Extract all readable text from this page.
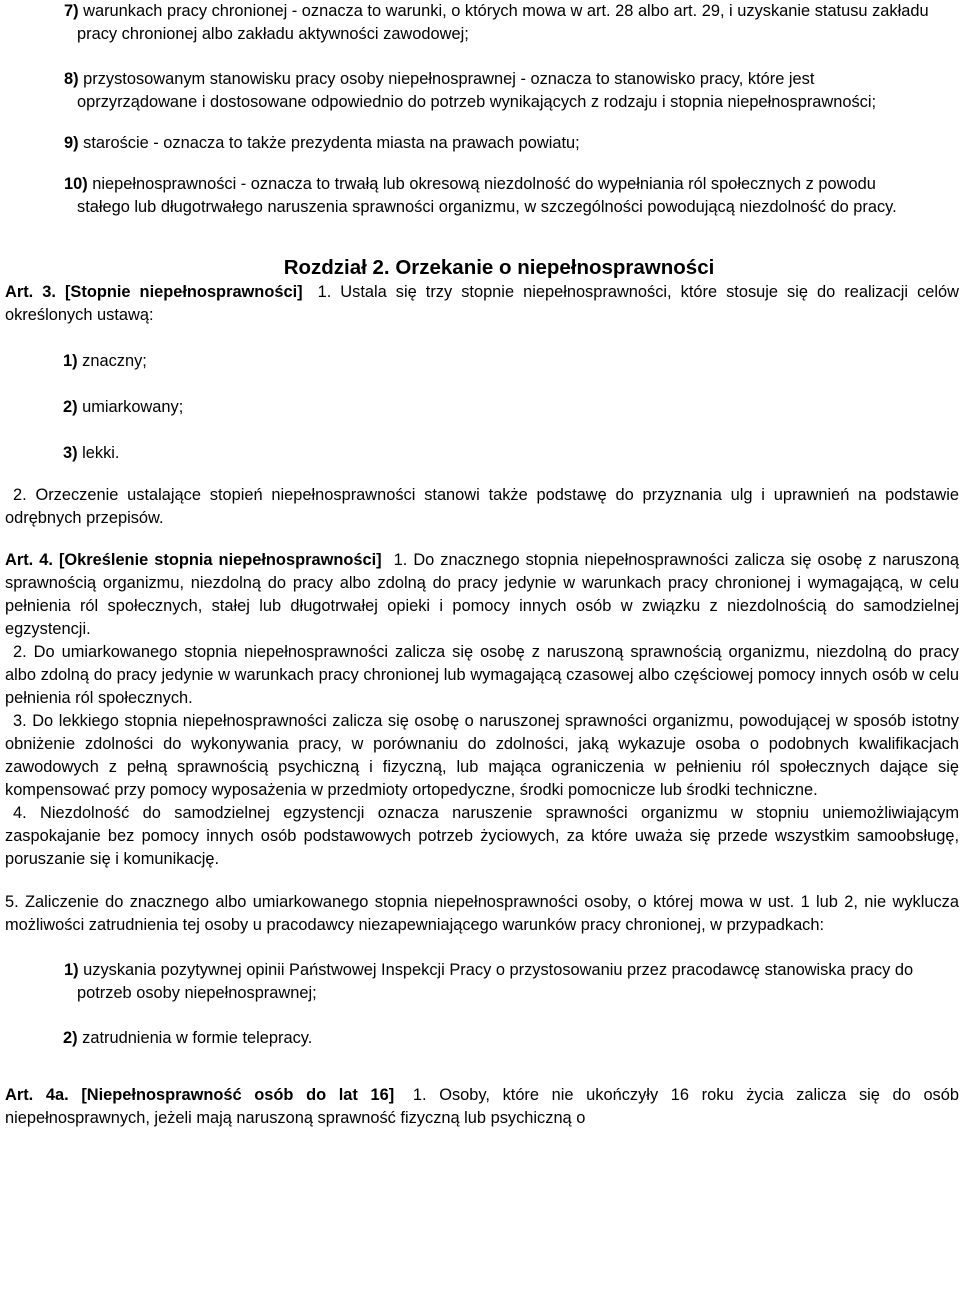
7) warunkach pracy chronionej - oznacza to warunki, o których mowa w art. 28 albo art. 29, i uzyskanie statusu zakładu pracy chronionej albo zakładu aktywności zawodowej;

8) przystosowanym stanowisku pracy osoby niepełnosprawnej - oznacza to stanowisko pracy, które jest oprzyrządowane i dostosowane odpowiednio do potrzeb wynikających z rodzaju i stopnia niepełnosprawności;

9) staroście - oznacza to także prezydenta miasta na prawach powiatu;

10) niepełnosprawności - oznacza to trwałą lub okresową niezdolność do wypełniania ról społecznych z powodu stałego lub długotrwałego naruszenia sprawności organizmu, w szczególności powodującą niezdolność do pracy.

Rozdział 2. Orzekanie o niepełnosprawności

Art. 3. [Stopnie niepełnosprawności] 1. Ustala się trzy stopnie niepełnosprawności, które stosuje się do realizacji celów określonych ustawą:

1) znaczny;

2) umiarkowany;

3) lekki.

2. Orzeczenie ustalające stopień niepełnosprawności stanowi także podstawę do przyznania ulg i uprawnień na podstawie odrębnych przepisów.

Art. 4. [Określenie stopnia niepełnosprawności] 1. Do znacznego stopnia niepełnosprawności zalicza się osobę z naruszoną sprawnością organizmu, niezdolną do pracy albo zdolną do pracy jedynie w warunkach pracy chronionej i wymagającą, w celu pełnienia ról społecznych, stałej lub długotrwałej opieki i pomocy innych osób w związku z niezdolnością do samodzielnej egzystencji.

2. Do umiarkowanego stopnia niepełnosprawności zalicza się osobę z naruszoną sprawnością organizmu, niezdolną do pracy albo zdolną do pracy jedynie w warunkach pracy chronionej lub wymagającą czasowej albo częściowej pomocy innych osób w celu pełnienia ról społecznych.

3. Do lekkiego stopnia niepełnosprawności zalicza się osobę o naruszonej sprawności organizmu, powodującej w sposób istotny obniżenie zdolności do wykonywania pracy, w porównaniu do zdolności, jaką wykazuje osoba o podobnych kwalifikacjach zawodowych z pełną sprawnością psychiczną i fizyczną, lub mająca ograniczenia w pełnieniu ról społecznych dające się kompensować przy pomocy wyposażenia w przedmioty ortopedyczne, środki pomocnicze lub środki techniczne.

4. Niezdolność do samodzielnej egzystencji oznacza naruszenie sprawności organizmu w stopniu uniemożliwiającym zaspokajanie bez pomocy innych osób podstawowych potrzeb życiowych, za które uważa się przede wszystkim samoobsługę, poruszanie się i komunikację.

5. Zaliczenie do znacznego albo umiarkowanego stopnia niepełnosprawności osoby, o której mowa w ust. 1 lub 2, nie wyklucza możliwości zatrudnienia tej osoby u pracodawcy niezapewniającego warunków pracy chronionej, w przypadkach:

1) uzyskania pozytywnej opinii Państwowej Inspekcji Pracy o przystosowaniu przez pracodawcę stanowiska pracy do potrzeb osoby niepełnosprawnej;

2) zatrudnienia w formie telepracy.

Art. 4a. [Niepełnosprawność osób do lat 16] 1. Osoby, które nie ukończyły 16 roku życia zalicza się do osób niepełnosprawnych, jeżeli mają naruszoną sprawność fizyczną lub psychiczną o
